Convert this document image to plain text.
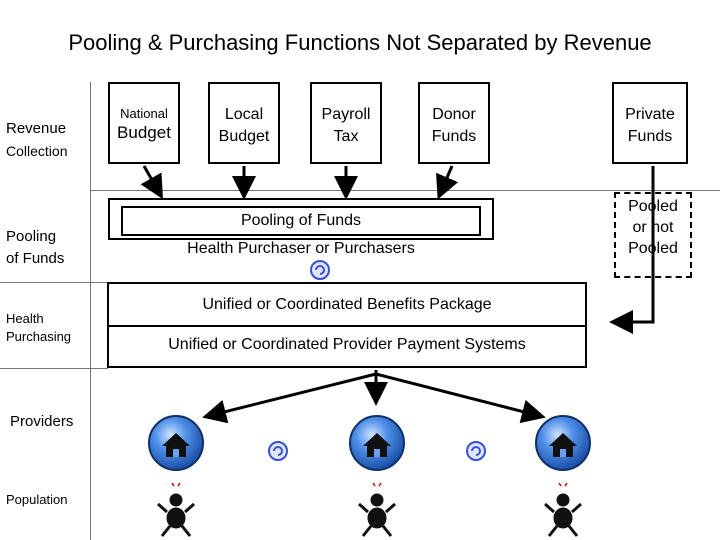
Pooling & Purchasing Functions Not Separated by Revenue
Revenue
Collection
Pooling
of Funds
Health
Purchasing
Providers
Population
National
Budget
Local
Budget
Payroll
Tax
Donor
Funds
Private
Funds
Pooling of Funds
Health Purchaser or Purchasers
Pooled
or not
Pooled
Unified or Coordinated Benefits Package
Unified or Coordinated Provider Payment Systems
